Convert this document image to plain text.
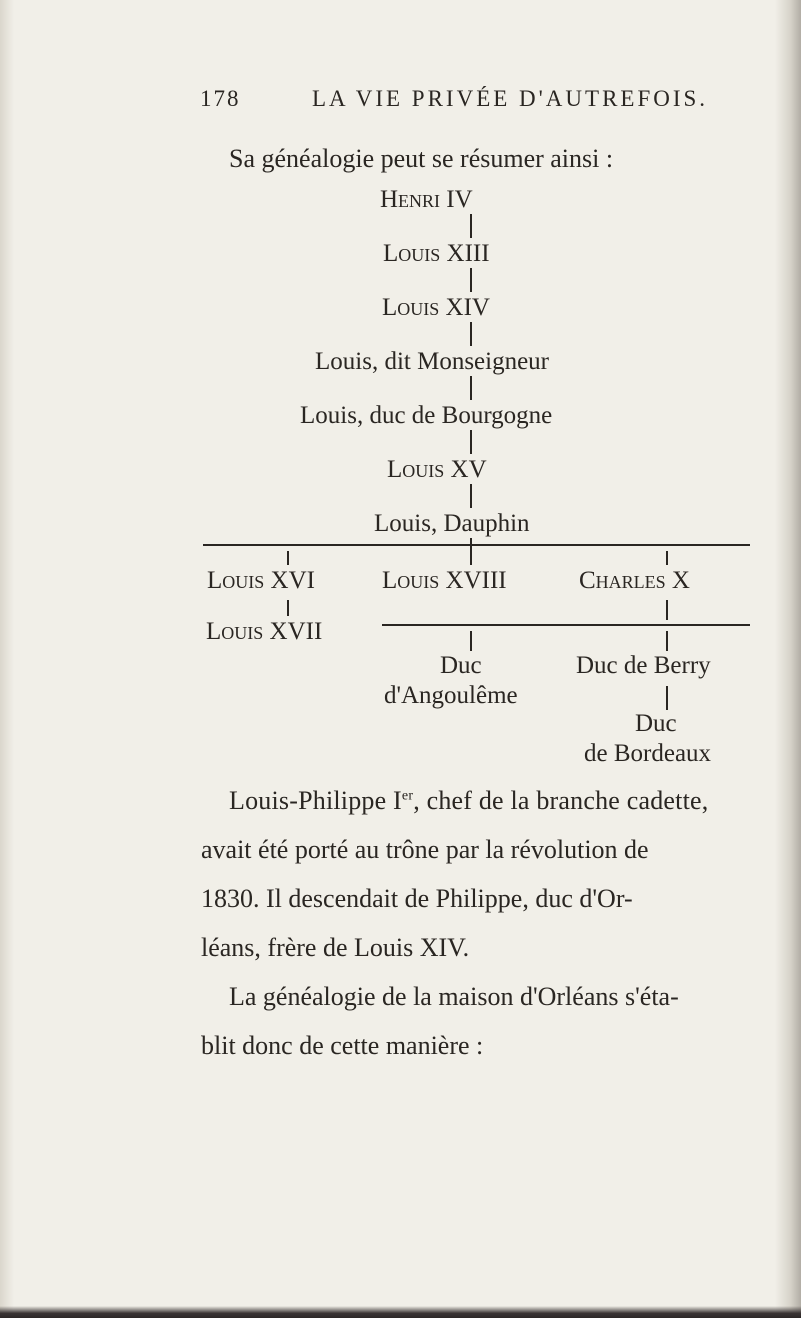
178	LA VIE PRIVÉE D'AUTREFOIS.
Sa généalogie peut se résumer ainsi :
Henri IV
Louis XIII
Louis XIV
Louis, dit Monseigneur
Louis, duc de Bourgogne
Louis XV
Louis, Dauphin
Louis XVI	Louis XVIII	Charles X
Louis XVII
Duc
d'Angoulême
Duc de Berry
Duc
de Bordeaux
Louis-Philippe Ier, chef de la branche cadette,
avait été porté au trône par la révolution de
1830. Il descendait de Philippe, duc d'Or-
léans, frère de Louis XIV.
La généalogie de la maison d'Orléans s'éta-
blit donc de cette manière :
